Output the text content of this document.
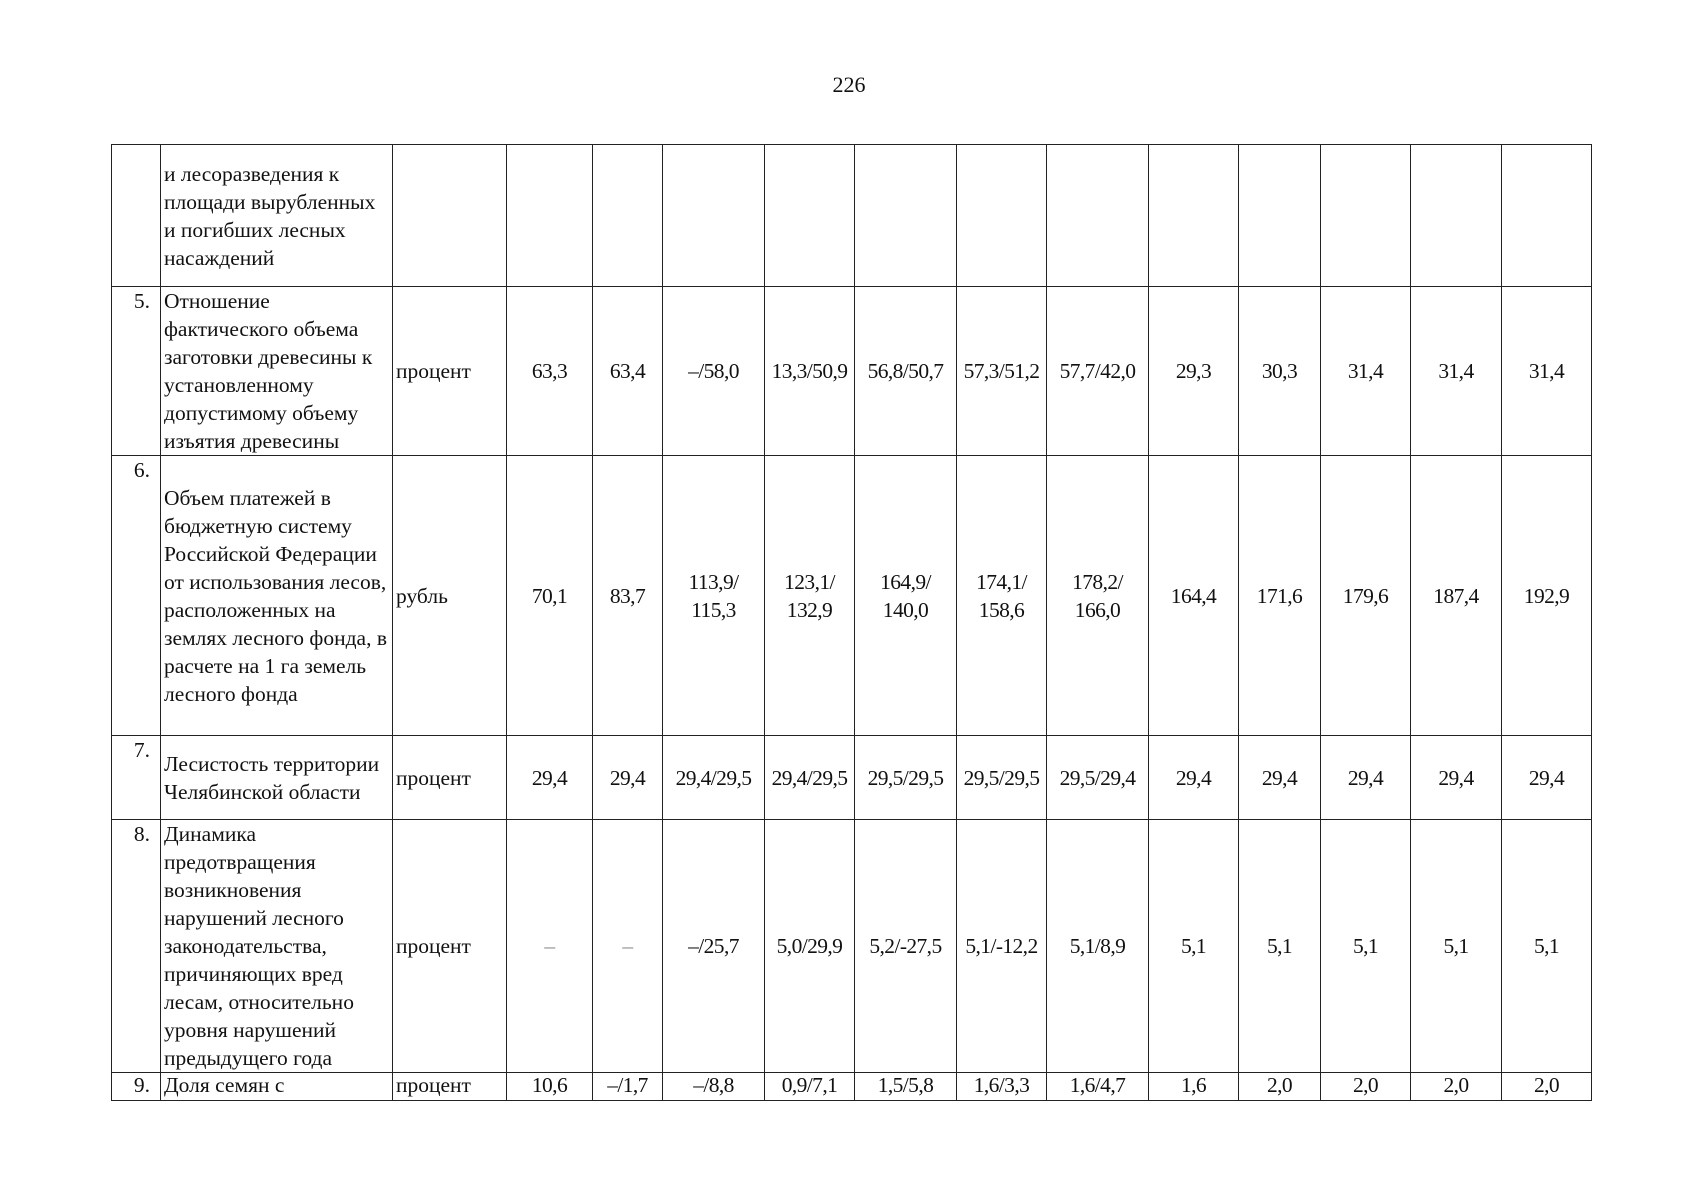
226
	и лесоразведения к площади вырубленных и погибших лесных насаждений														
5.	Отношение фактического объема заготовки древесины к установленному допустимому объему изъятия древесины	процент	63,3	63,4	–/58,0	13,3/50,9	56,8/50,7	57,3/51,2	57,7/42,0	29,3	30,3	31,4	31,4	31,4	
6.	Объем платежей в бюджетную систему Российской Федерации от использования лесов, расположенных на землях лесного фонда, в расчете на 1 га земель лесного фонда	рубль	70,1	83,7	113,9/ 115,3	123,1/ 132,9	164,9/ 140,0	174,1/ 158,6	178,2/ 166,0	164,4	171,6	179,6	187,4	192,9	
7.	Лесистость территории Челябинской области	процент	29,4	29,4	29,4/29,5	29,4/29,5	29,5/29,5	29,5/29,5	29,5/29,4	29,4	29,4	29,4	29,4	29,4	
8.	Динамика предотвращения возникновения нарушений лесного законодательства, причиняющих вред лесам, относительно уровня нарушений предыдущего года	процент	–	–	–/25,7	5,0/29,9	5,2/-27,5	5,1/-12,2	5,1/8,9	5,1	5,1	5,1	5,1	5,1	
9.	Доля семян с	процент	10,6	–/1,7	–/8,8	0,9/7,1	1,5/5,8	1,6/3,3	1,6/4,7	1,6	2,0	2,0	2,0	2,0	
